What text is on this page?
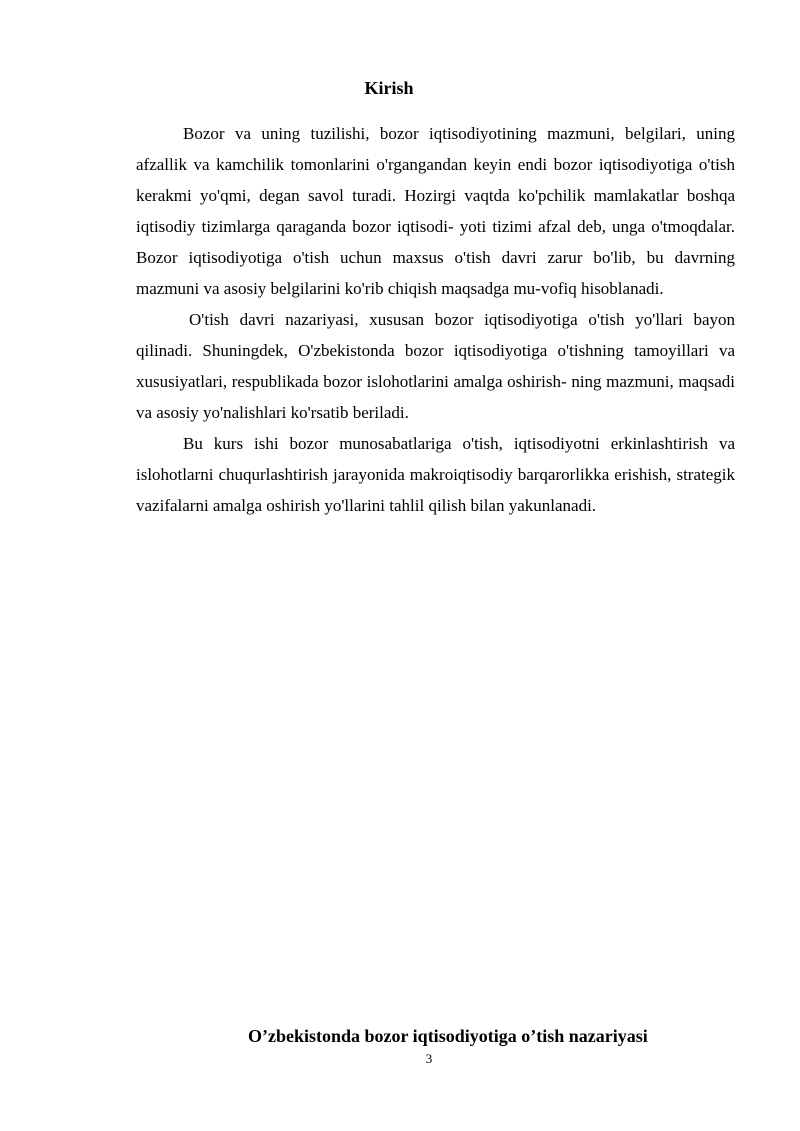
Kirish

Bozor va uning tuzilishi, bozor iqtisodiyotining mazmuni, belgilari, uning afzallik va kamchilik tomonlarini o'rgangandan keyin endi bozor iqtisodiyotiga o'tish kerakmi yo'qmi, degan savol turadi. Hozirgi vaqtda ko'pchilik mamlakatlar boshqa iqtisodiy tizimlarga qaraganda bozor iqtisodi- yoti tizimi afzal deb, unga o'tmoqdalar. Bozor iqtisodiyotiga o'tish uchun maxsus o'tish davri zarur bo'lib, bu davrning mazmuni va asosiy belgilarini ko'rib chiqish maqsadga mu-vofiq hisoblanadi.

O'tish davri nazariyasi, xususan bozor iqtisodiyotiga o'tish yo'llari bayon qilinadi. Shuningdek, O'zbekistonda bozor iqtisodiyotiga o'tishning tamoyillari va xususiyatlari, respublikada bozor islohotlarini amalga oshirish- ning mazmuni, maqsadi va asosiy yo'nalishlari ko'rsatib beriladi.

Bu kurs ishi bozor munosabatlariga o'tish, iqtisodiyotni erkinlashtirish va islohotlarni chuqurlashtirish jarayonida makroiqtisodiy barqarorlikka erishish, strategik vazifalarni amalga oshirish yo'llarini tahlil qilish bilan yakunlanadi.

O’zbekistonda bozor iqtisodiyotiga o’tish nazariyasi
3
